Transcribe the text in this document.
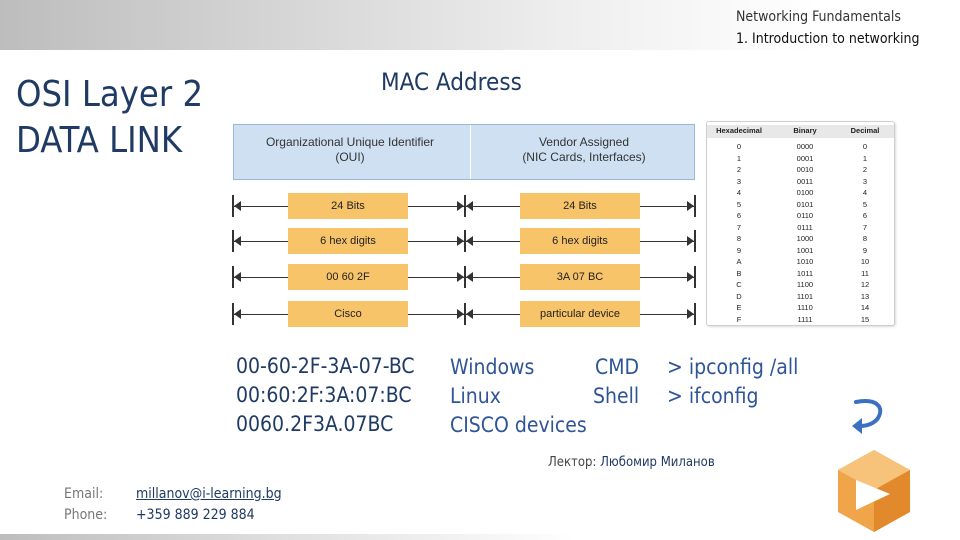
Networking Fundamentals
1. Introduction to networking
OSI Layer 2
DATA LINK
MAC Address
Organizational Unique Identifier
(OUI)
Vendor Assigned
(NIC Cards, Interfaces)
24 Bits	24 Bits
6 hex digits	6 hex digits
00 60 2F	3A 07 BC
Cisco	particular device
Hexadecimal	Binary	Decimal
0	0000	0
1	0001	1
2	0010	2
3	0011	3
4	0100	4
5	0101	5
6	0110	6
7	0111	7
8	1000	8
9	1001	9
A	1010	10
B	1011	11
C	1100	12
D	1101	13
E	1110	14
F	1111	15
00-60-2F-3A-07-BC
00:60:2F:3A:07:BC
0060.2F3A.07BC
Windows	CMD > ipconfig /all
Linux	Shell > ifconfig
CISCO devices
Лектор: Любомир Миланов
Email: millanov@i-learning.bg
Phone: +359 889 229 884
